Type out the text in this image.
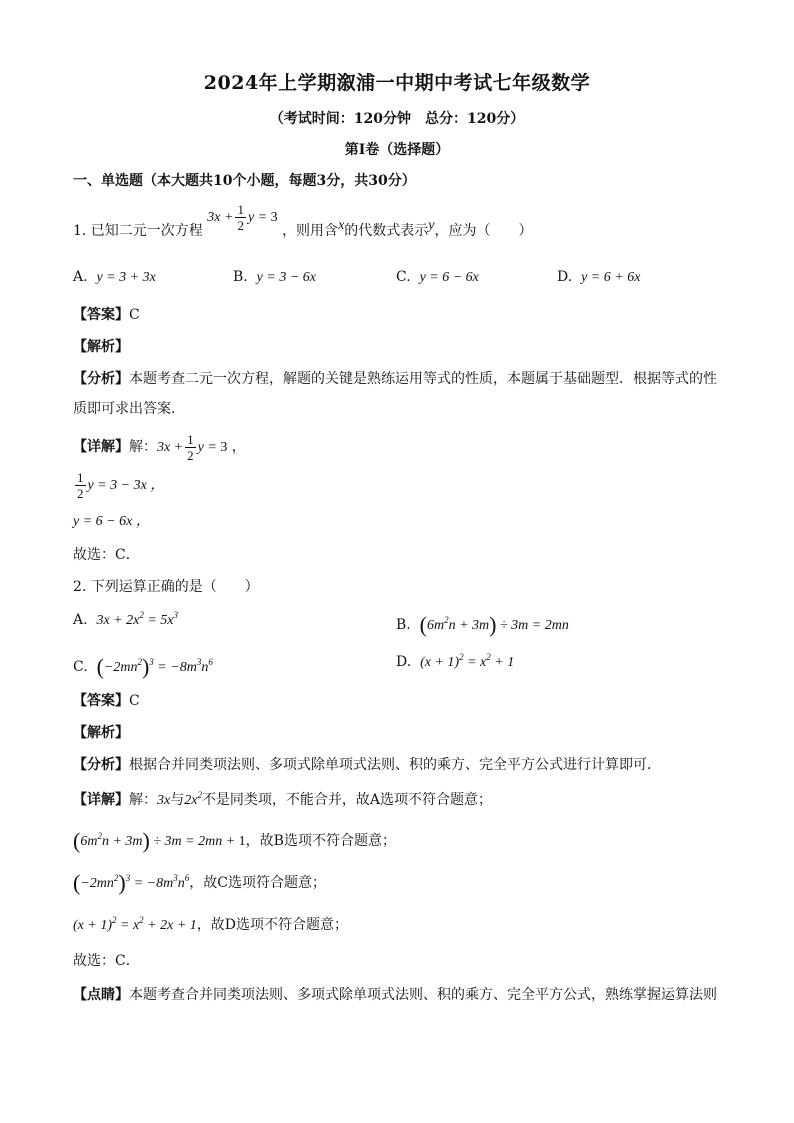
2024年上学期溆浦一中期中考试七年级数学
（考试时间：120分钟　总分：120分）
第Ⅰ卷（选择题）
一、单选题（本大题共10个小题，每题3分，共30分）
1. 已知二元一次方程 $3x + \frac{1}{2}$ y = 3 ，则用含x的代数式表示y，应为（　　）
A. y = 3 + 3x	B. y = 3 − 6x	C. y = 6 − 6x	D. y = 6 + 6x
【答案】C
【解析】
【分析】本题考查二元一次方程，解题的关键是熟练运用等式的性质，本题属于基础题型．根据等式的性
质即可求出答案．
【详解】解：$3x + \frac{1}{2}$ y = 3 ，
$\frac{1}{2}$ y = 3 − 3x ，
y = 6 − 6x ，
故选：C．
2. 下列运算正确的是（　　）
A. $3x + 2x^2 = 5x^3$
B. $(6m^2n + 3m) \div 3m = 2mn$
C. $(-2mn^2)^3 = -8m^3n^6$	D. $(x + 1)^2 = x^2 + 1$
【答案】C
【解析】
【分析】根据合并同类项法则、多项式除单项式法则、积的乘方、完全平方公式进行计算即可．
【详解】解：3x与$2x^2$不是同类项，不能合并，故A选项不符合题意；
$(6m^2n + 3m) \div 3m = 2mn + 1$，故B选项不符合题意；
$(-2mn^2)^3 = -8m^3n^6$，故C选项符合题意；
$(x + 1)^2 = x^2 + 2x + 1$，故D选项不符合题意；
故选：C．
【点睛】本题考查合并同类项法则、多项式除单项式法则、积的乘方、完全平方公式，熟练掌握运算法则
